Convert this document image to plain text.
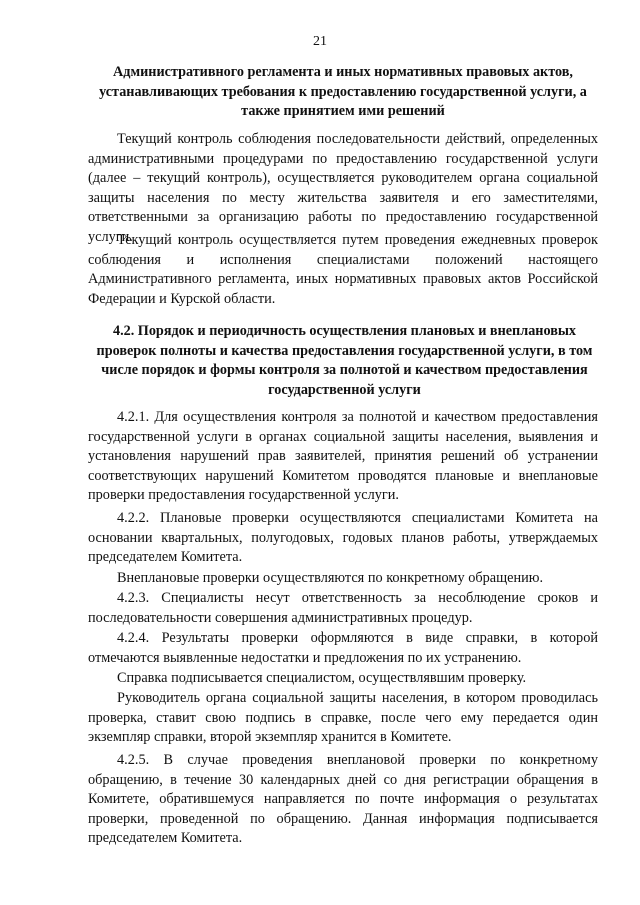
21
Административного регламента и иных нормативных правовых актов, устанавливающих требования к предоставлению государственной услуги, а также принятием ими решений

Текущий контроль соблюдения последовательности действий, определенных административными процедурами по предоставлению государственной услуги (далее – текущий контроль), осуществляется руководителем органа социальной защиты населения по месту жительства заявителя и его заместителями, ответственными за организацию работы по предоставлению государственной услуги.

Текущий контроль осуществляется путем проведения ежедневных проверок соблюдения и исполнения специалистами положений настоящего Административного регламента, иных нормативных правовых актов Российской Федерации и Курской области.

4.2. Порядок и периодичность осуществления плановых и внеплановых проверок полноты и качества предоставления государственной услуги, в том числе порядок и формы контроля за полнотой и качеством предоставления государственной услуги

4.2.1. Для осуществления контроля за полнотой и качеством предоставления государственной услуги в органах социальной защиты населения, выявления и установления нарушений прав заявителей, принятия решений об устранении соответствующих нарушений Комитетом проводятся плановые и внеплановые проверки предоставления государственной услуги.

4.2.2. Плановые проверки осуществляются специалистами Комитета на основании квартальных, полугодовых, годовых планов работы, утверждаемых председателем Комитета.

Внеплановые проверки осуществляются по конкретному обращению.

4.2.3. Специалисты несут ответственность за несоблюдение сроков и последовательности совершения административных процедур.

4.2.4. Результаты проверки оформляются в виде справки, в которой отмечаются выявленные недостатки и предложения по их устранению.

Справка подписывается специалистом, осуществлявшим проверку.

Руководитель органа социальной защиты населения, в котором проводилась проверка, ставит свою подпись в справке, после чего ему передается один экземпляр справки, второй экземпляр хранится в Комитете.

4.2.5. В случае проведения внеплановой проверки по конкретному обращению, в течение 30 календарных дней со дня регистрации обращения в Комитете, обратившемуся направляется по почте информация о результатах проверки, проведенной по обращению. Данная информация подписывается председателем Комитета.
